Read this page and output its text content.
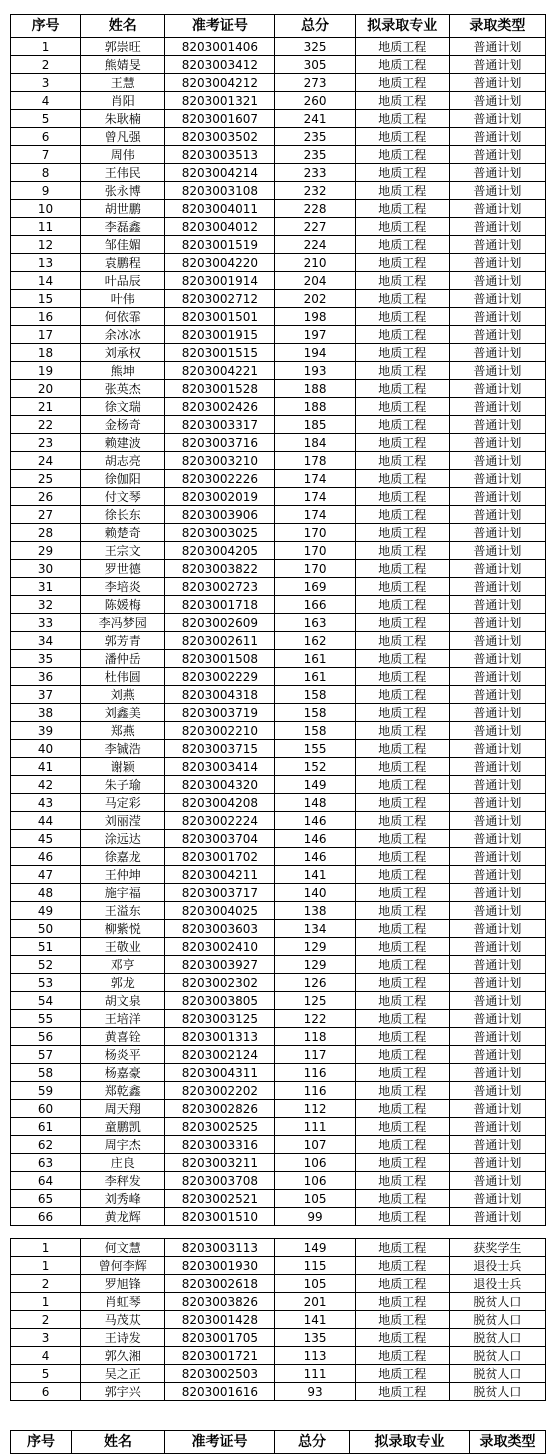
序号	姓名	准考证号	总分	拟录取专业	录取类型
1	郭崇旺	8203001406	325	地质工程	普通计划
2	熊婧旻	8203003412	305	地质工程	普通计划
3	王慧	8203004212	273	地质工程	普通计划
4	肖阳	8203001321	260	地质工程	普通计划
5	朱耿楠	8203001607	241	地质工程	普通计划
6	曾凡强	8203003502	235	地质工程	普通计划
7	周伟	8203003513	235	地质工程	普通计划
8	王伟民	8203004214	233	地质工程	普通计划
9	张永博	8203003108	232	地质工程	普通计划
10	胡世鹏	8203004011	228	地质工程	普通计划
11	李磊鑫	8203004012	227	地质工程	普通计划
12	邹佳媚	8203001519	224	地质工程	普通计划
13	袁鹏程	8203004220	210	地质工程	普通计划
14	叶品辰	8203001914	204	地质工程	普通计划
15	叶伟	8203002712	202	地质工程	普通计划
16	何依霏	8203001501	198	地质工程	普通计划
17	余冰冰	8203001915	197	地质工程	普通计划
18	刘承权	8203001515	194	地质工程	普通计划
19	熊坤	8203004221	193	地质工程	普通计划
20	张英杰	8203001528	188	地质工程	普通计划
21	徐文瑞	8203002426	188	地质工程	普通计划
22	金杨奇	8203003317	185	地质工程	普通计划
23	赖建波	8203003716	184	地质工程	普通计划
24	胡志亮	8203003210	178	地质工程	普通计划
25	徐伽阳	8203002226	174	地质工程	普通计划
26	付文琴	8203002019	174	地质工程	普通计划
27	徐长东	8203003906	174	地质工程	普通计划
28	赖楚奇	8203003025	170	地质工程	普通计划
29	王宗文	8203004205	170	地质工程	普通计划
30	罗世德	8203003822	170	地质工程	普通计划
31	李培炎	8203002723	169	地质工程	普通计划
32	陈媛梅	8203001718	166	地质工程	普通计划
33	李冯梦园	8203002609	163	地质工程	普通计划
34	郭芳青	8203002611	162	地质工程	普通计划
35	潘仲岳	8203001508	161	地质工程	普通计划
36	杜伟圆	8203002229	161	地质工程	普通计划
37	刘燕	8203004318	158	地质工程	普通计划
38	刘鑫美	8203003719	158	地质工程	普通计划
39	郑燕	8203002210	158	地质工程	普通计划
40	李铖浩	8203003715	155	地质工程	普通计划
41	谢颖	8203003414	152	地质工程	普通计划
42	朱子瑜	8203004320	149	地质工程	普通计划
43	马定彩	8203004208	148	地质工程	普通计划
44	刘丽滢	8203002224	146	地质工程	普通计划
45	涂远达	8203003704	146	地质工程	普通计划
46	徐嘉龙	8203001702	146	地质工程	普通计划
47	王仲坤	8203004211	141	地质工程	普通计划
48	施宇福	8203003717	140	地质工程	普通计划
49	王溢东	8203004025	138	地质工程	普通计划
50	柳紫悦	8203003603	134	地质工程	普通计划
51	王敬业	8203002410	129	地质工程	普通计划
52	邓亨	8203003927	129	地质工程	普通计划
53	郭龙	8203002302	126	地质工程	普通计划
54	胡文泉	8203003805	125	地质工程	普通计划
55	王培洋	8203003125	122	地质工程	普通计划
56	黄喜铨	8203001313	118	地质工程	普通计划
57	杨炎平	8203002124	117	地质工程	普通计划
58	杨嘉豪	8203004311	116	地质工程	普通计划
59	郑乾鑫	8203002202	116	地质工程	普通计划
60	周天翔	8203002826	112	地质工程	普通计划
61	童鹏凯	8203002525	111	地质工程	普通计划
62	周宇杰	8203003316	107	地质工程	普通计划
63	庄良	8203003211	106	地质工程	普通计划
64	李秤发	8203003708	106	地质工程	普通计划
65	刘秀峰	8203002521	105	地质工程	普通计划
66	黄龙辉	8203001510	99	地质工程	普通计划
1	何文慧	8203003113	149	地质工程	获奖学生
1	曾何李辉	8203001930	115	地质工程	退役士兵
2	罗旭锋	8203002618	105	地质工程	退役士兵
1	肖虹琴	8203003826	201	地质工程	脱贫人口
2	马茂苁	8203001428	141	地质工程	脱贫人口
3	王诗发	8203001705	135	地质工程	脱贫人口
4	郭久湘	8203001721	113	地质工程	脱贫人口
5	吴之正	8203002503	111	地质工程	脱贫人口
6	郭宇兴	8203001616	93	地质工程	脱贫人口
序号	姓名	准考证号	总分	拟录取专业	录取类型
